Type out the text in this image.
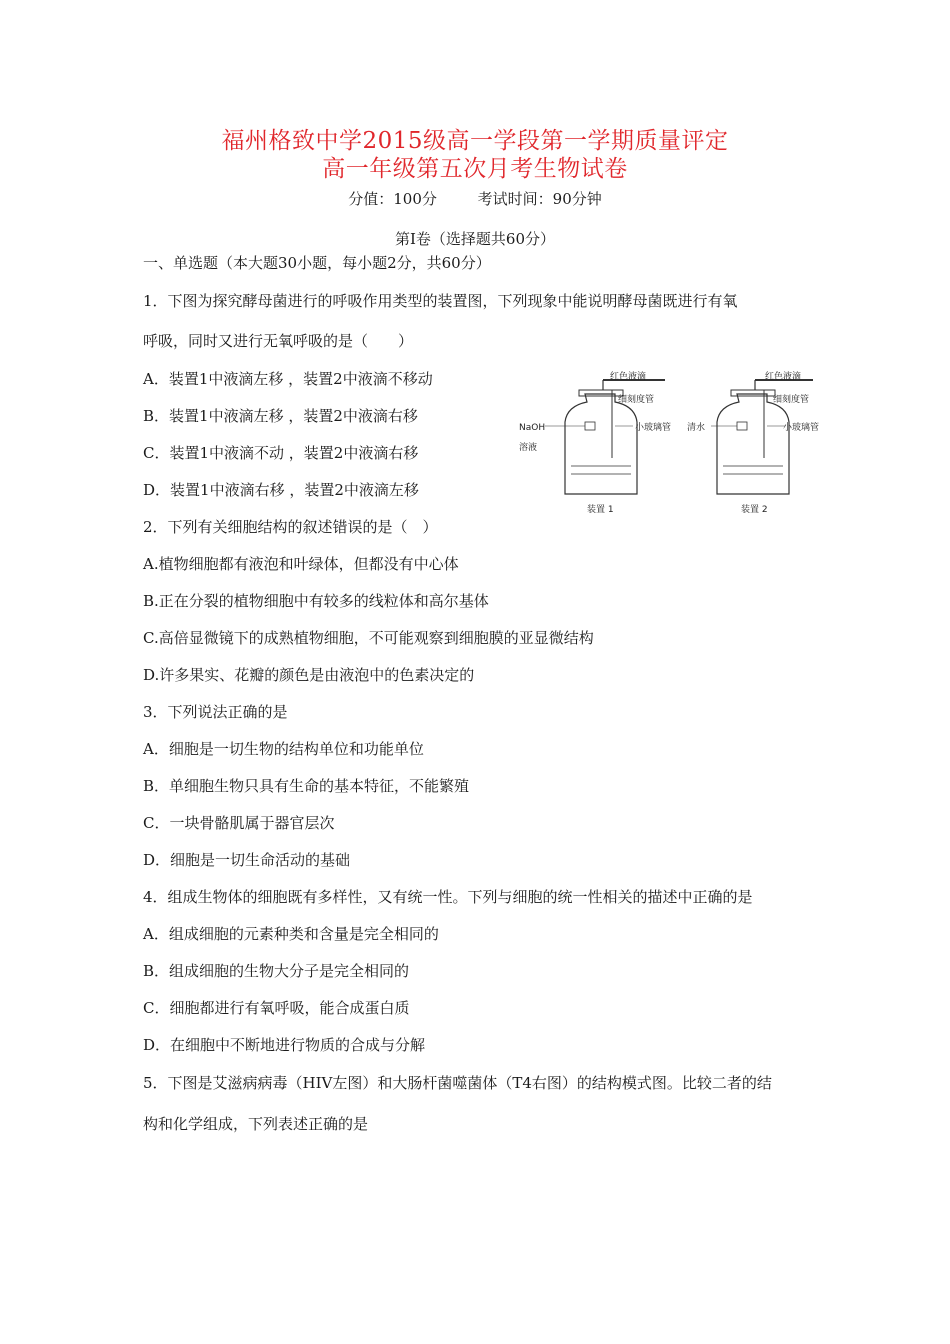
福州格致中学2015级高一学段第一学期质量评定
高一年级第五次月考生物试卷
分值：100分	考试时间：90分钟
第Ⅰ卷（选择题共60分）
一、单选题（本大题30小题，每小题2分，共60分）
1．下图为探究酵母菌进行的呼吸作用类型的装置图，下列现象中能说明酵母菌既进行有氧
呼吸，同时又进行无氧呼吸的是（　　）
A．装置1中液滴左移 ，装置2中液滴不移动
B．装置1中液滴左移 ，装置2中液滴右移
C．装置1中液滴不动 ，装置2中液滴右移
D．装置1中液滴右移 ，装置2中液滴左移
红色液滴
细刻度管
小玻璃管
NaOH
溶液
装置 1
红色液滴
细刻度管
小玻璃管
清水
装置 2
2．下列有关细胞结构的叙述错误的是（　）
A.植物细胞都有液泡和叶绿体，但都没有中心体
B.正在分裂的植物细胞中有较多的线粒体和高尔基体
C.高倍显微镜下的成熟植物细胞，不可能观察到细胞膜的亚显微结构
D.许多果实、花瓣的颜色是由液泡中的色素决定的
3．下列说法正确的是
A．细胞是一切生物的结构单位和功能单位
B．单细胞生物只具有生命的基本特征，不能繁殖
C．一块骨骼肌属于器官层次
D．细胞是一切生命活动的基础
4．组成生物体的细胞既有多样性，又有统一性。下列与细胞的统一性相关的描述中正确的是
A．组成细胞的元素种类和含量是完全相同的
B．组成细胞的生物大分子是完全相同的
C．细胞都进行有氧呼吸，能合成蛋白质
D．在细胞中不断地进行物质的合成与分解
5．下图是艾滋病病毒（HIV左图）和大肠杆菌噬菌体（T4右图）的结构模式图。比较二者的结
构和化学组成，下列表述正确的是
